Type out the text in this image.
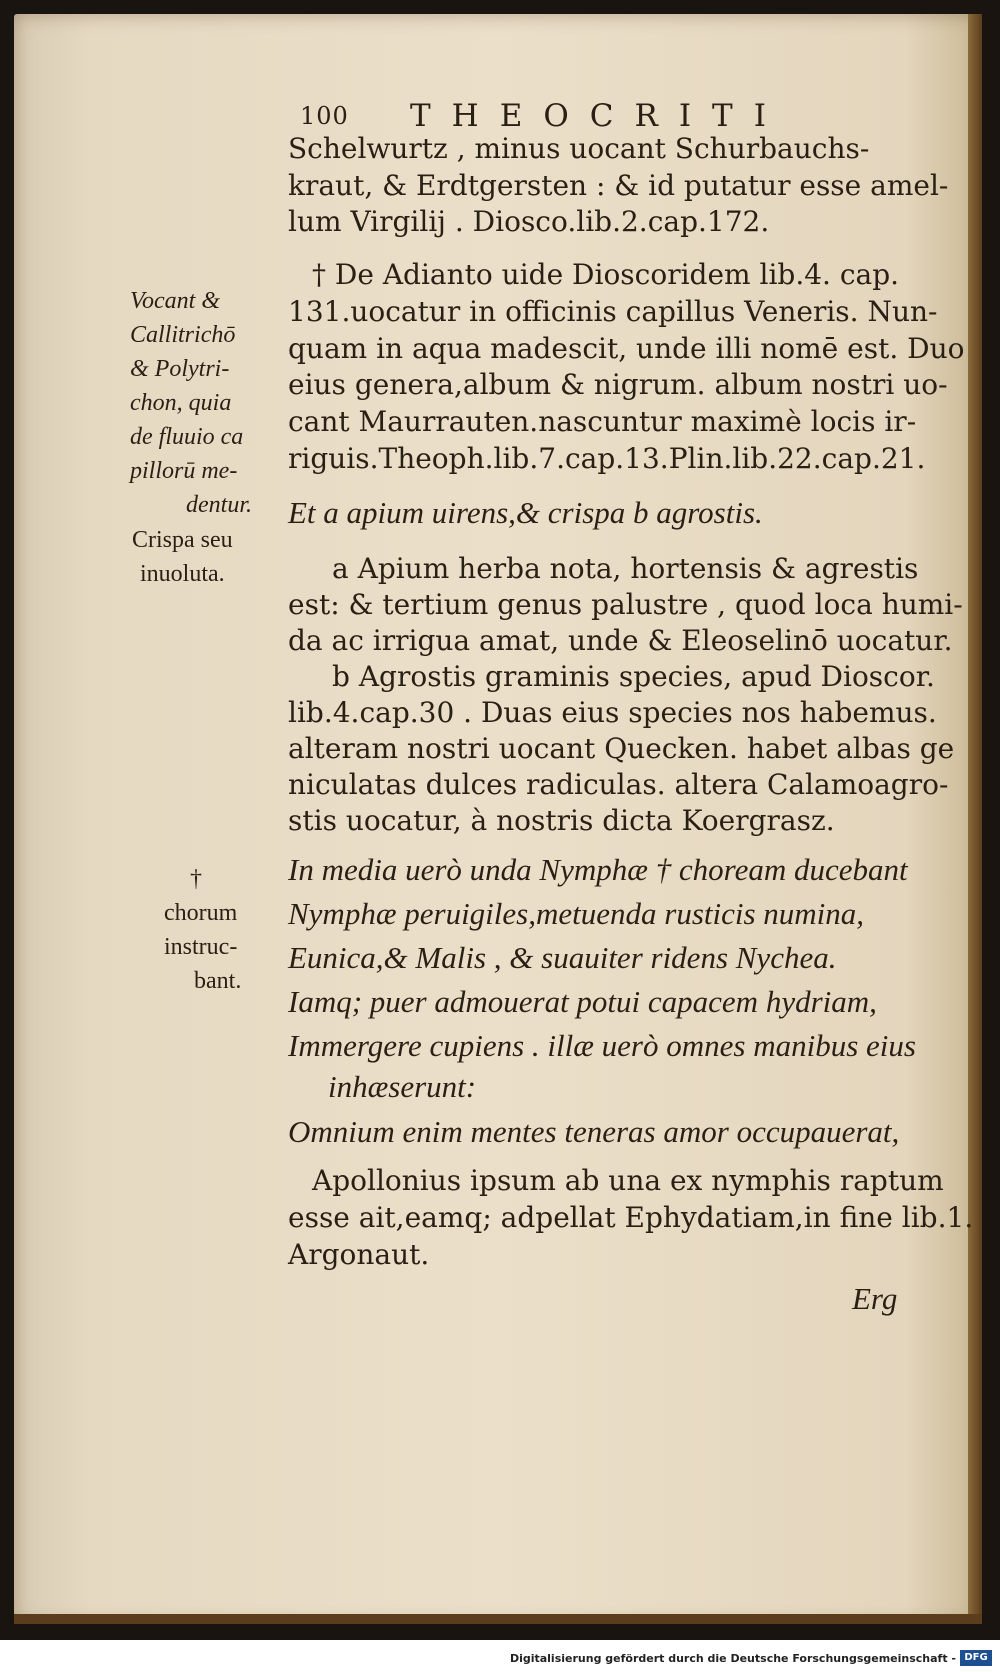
100 THEOCRITI
Schelwurtz , minus uocant Schurbauchs-
kraut, & Erdtgersten : & id putatur esse amel-
lum Virgilij . Diosco.lib.2.cap.172.
† De Adianto uide Dioscoridem lib.4. cap.
131.uocatur in officinis capillus Veneris. Nun-
quam in aqua madescit, unde illi nomē est. Duo
eius genera,album & nigrum. album nostri uo-
cant Maurrauten.nascuntur maximè locis ir-
riguis.Theoph.lib.7.cap.13.Plin.lib.22.cap.21.
Et a apium uirens,& crispa b agrostis.
a Apium herba nota, hortensis & agrestis
est: & tertium genus palustre , quod loca humi-
da ac irrigua amat, unde & Eleoselinō uocatur.
b Agrostis graminis species, apud Dioscor.
lib.4.cap.30 . Duas eius species nos habemus.
alteram nostri uocant Quecken. habet albas ge
niculatas dulces radiculas. altera Calamoagro-
stis uocatur, à nostris dicta Koergrasz.
In media uerò unda Nymphæ † choream ducebant
Nymphæ peruigiles,metuenda rusticis numina,
Eunica,& Malis , & suauiter ridens Nychea.
Iamq; puer admouerat potui capacem hydriam,
Immergere cupiens . illæ uerò omnes manibus eius
inhæserunt:
Omnium enim mentes teneras amor occupauerat,
Apollonius ipsum ab una ex nymphis raptum
esse ait,eamq; adpellat Ephydatiam,in fine lib.1.
Argonaut.
Erg
Vocant &
Callitrichō
& Polytri-
chon, quia
de fluuio ca
pillorū me-
dentur.
Crispa seu
inuoluta.
†
chorum
instruc-
bant.
Digitalisierung gefördert durch die Deutsche Forschungsgemeinschaft - DFG
